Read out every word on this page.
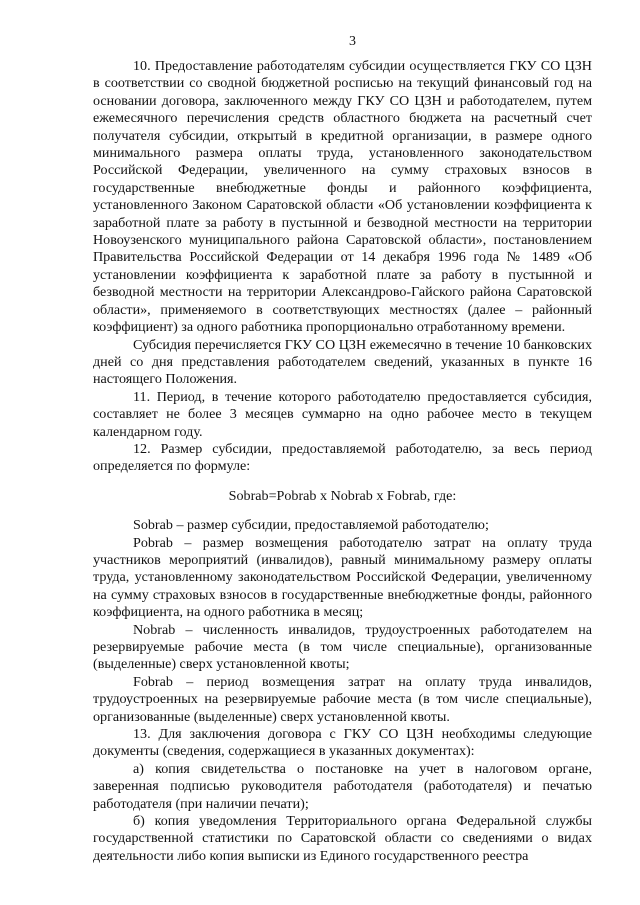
3

10. Предоставление работодателям субсидии осуществляется ГКУ СО ЦЗН в соответствии со сводной бюджетной росписью на текущий финансовый год на основании договора, заключенного между ГКУ СО ЦЗН и работодателем, путем ежемесячного перечисления средств областного бюджета на расчетный счет получателя субсидии, открытый в кредитной организации, в размере одного минимального размера оплаты труда, установленного законодательством Российской Федерации, увеличенного на сумму страховых взносов в государственные внебюджетные фонды и районного коэффициента, установленного Законом Саратовской области «Об установлении коэффициента к заработной плате за работу в пустынной и безводной местности на территории Новоузенского муниципального района Саратовской области», постановлением Правительства Российской Федерации от 14 декабря 1996 года № 1489 «Об установлении коэффициента к заработной плате за работу в пустынной и безводной местности на территории Александрово-Гайского района Саратовской области», применяемого в соответствующих местностях (далее – районный коэффициент) за одного работника пропорционально отработанному времени.

Субсидия перечисляется ГКУ СО ЦЗН ежемесячно в течение 10 банковских дней со дня представления работодателем сведений, указанных в пункте 16 настоящего Положения.

11. Период, в течение которого работодателю предоставляется субсидия, составляет не более 3 месяцев суммарно на одно рабочее место в текущем календарном году.

12. Размер субсидии, предоставляемой работодателю, за весь период определяется по формуле:

Sobrab=Pobrab x Nobrab x Fobrab, где:

Sobrab – размер субсидии, предоставляемой работодателю;

Pobrab – размер возмещения работодателю затрат на оплату труда участников мероприятий (инвалидов), равный минимальному размеру оплаты труда, установленному законодательством Российской Федерации, увеличенному на сумму страховых взносов в государственные внебюджетные фонды, районного коэффициента, на одного работника в месяц;

Nobrab – численность инвалидов, трудоустроенных работодателем на резервируемые рабочие места (в том числе специальные), организованные (выделенные) сверх установленной квоты;

Fobrab – период возмещения затрат на оплату труда инвалидов, трудоустроенных на резервируемые рабочие места (в том числе специальные), организованные (выделенные) сверх установленной квоты.

13. Для заключения договора с ГКУ СО ЦЗН необходимы следующие документы (сведения, содержащиеся в указанных документах):

а) копия свидетельства о постановке на учет в налоговом органе, заверенная подписью руководителя работодателя (работодателя) и печатью работодателя (при наличии печати);

б) копия уведомления Территориального органа Федеральной службы государственной статистики по Саратовской области со сведениями о видах деятельности либо копия выписки из Единого государственного реестра
